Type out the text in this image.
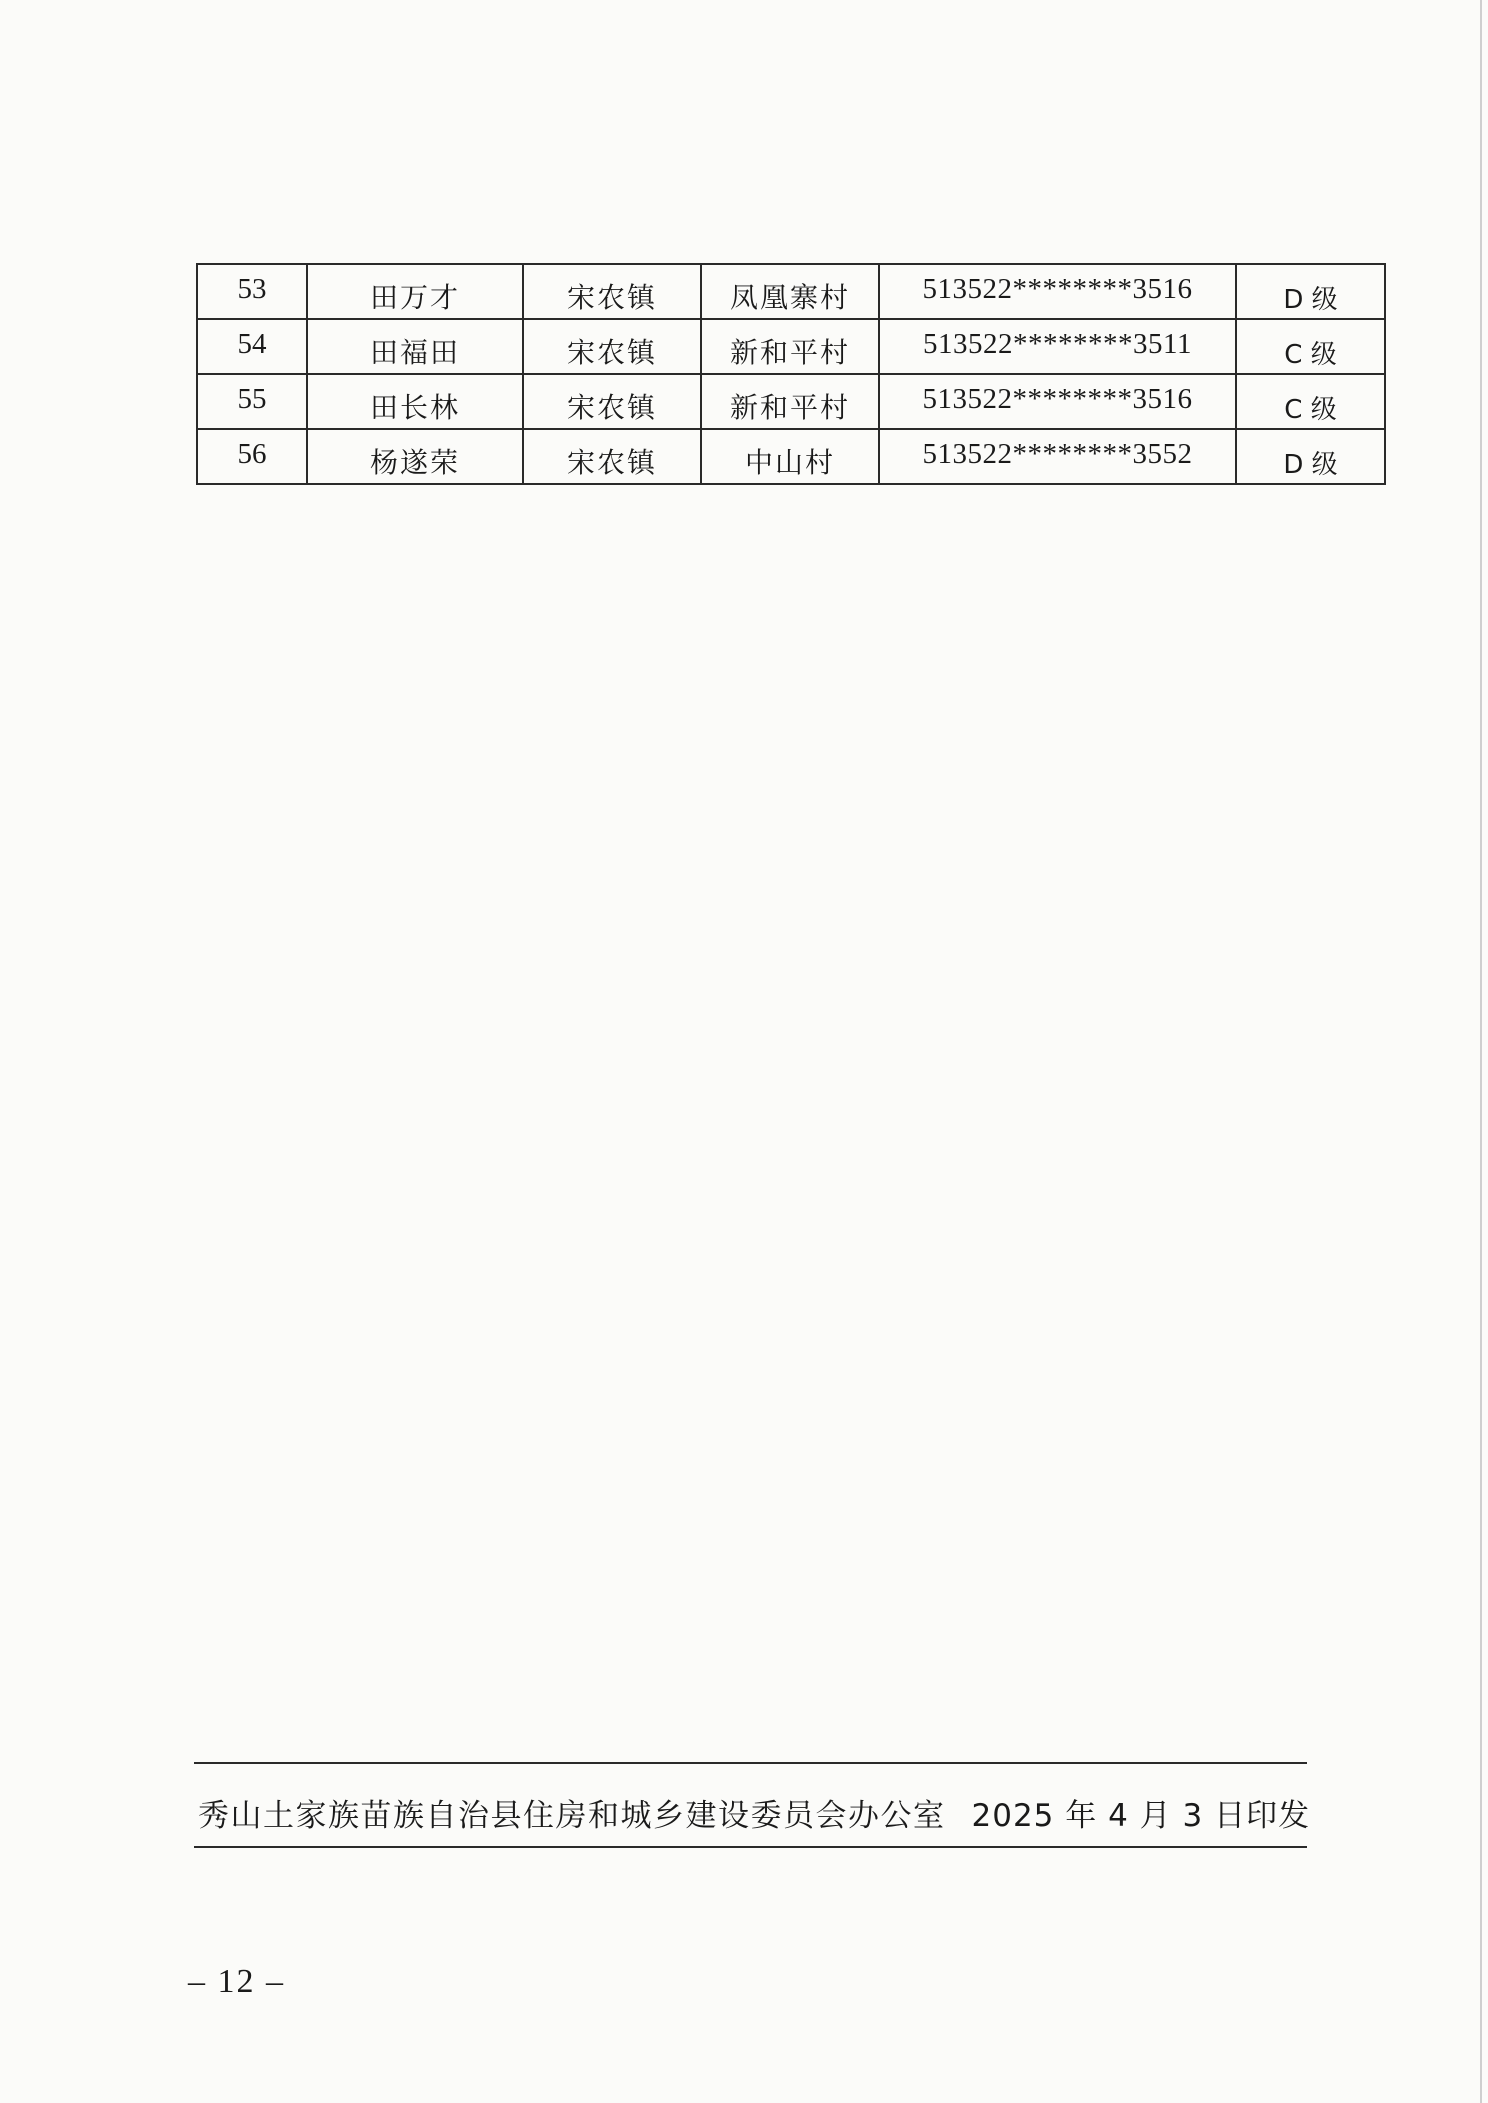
53	田万才	宋农镇	凤凰寨村	513522********3516	D 级
54	田福田	宋农镇	新和平村	513522********3511	C 级
55	田长林	宋农镇	新和平村	513522********3516	C 级
56	杨遂荣	宋农镇	中山村	513522********3552	D 级
秀山土家族苗族自治县住房和城乡建设委员会办公室 2025 年 4 月 3 日印发
– 12 –
